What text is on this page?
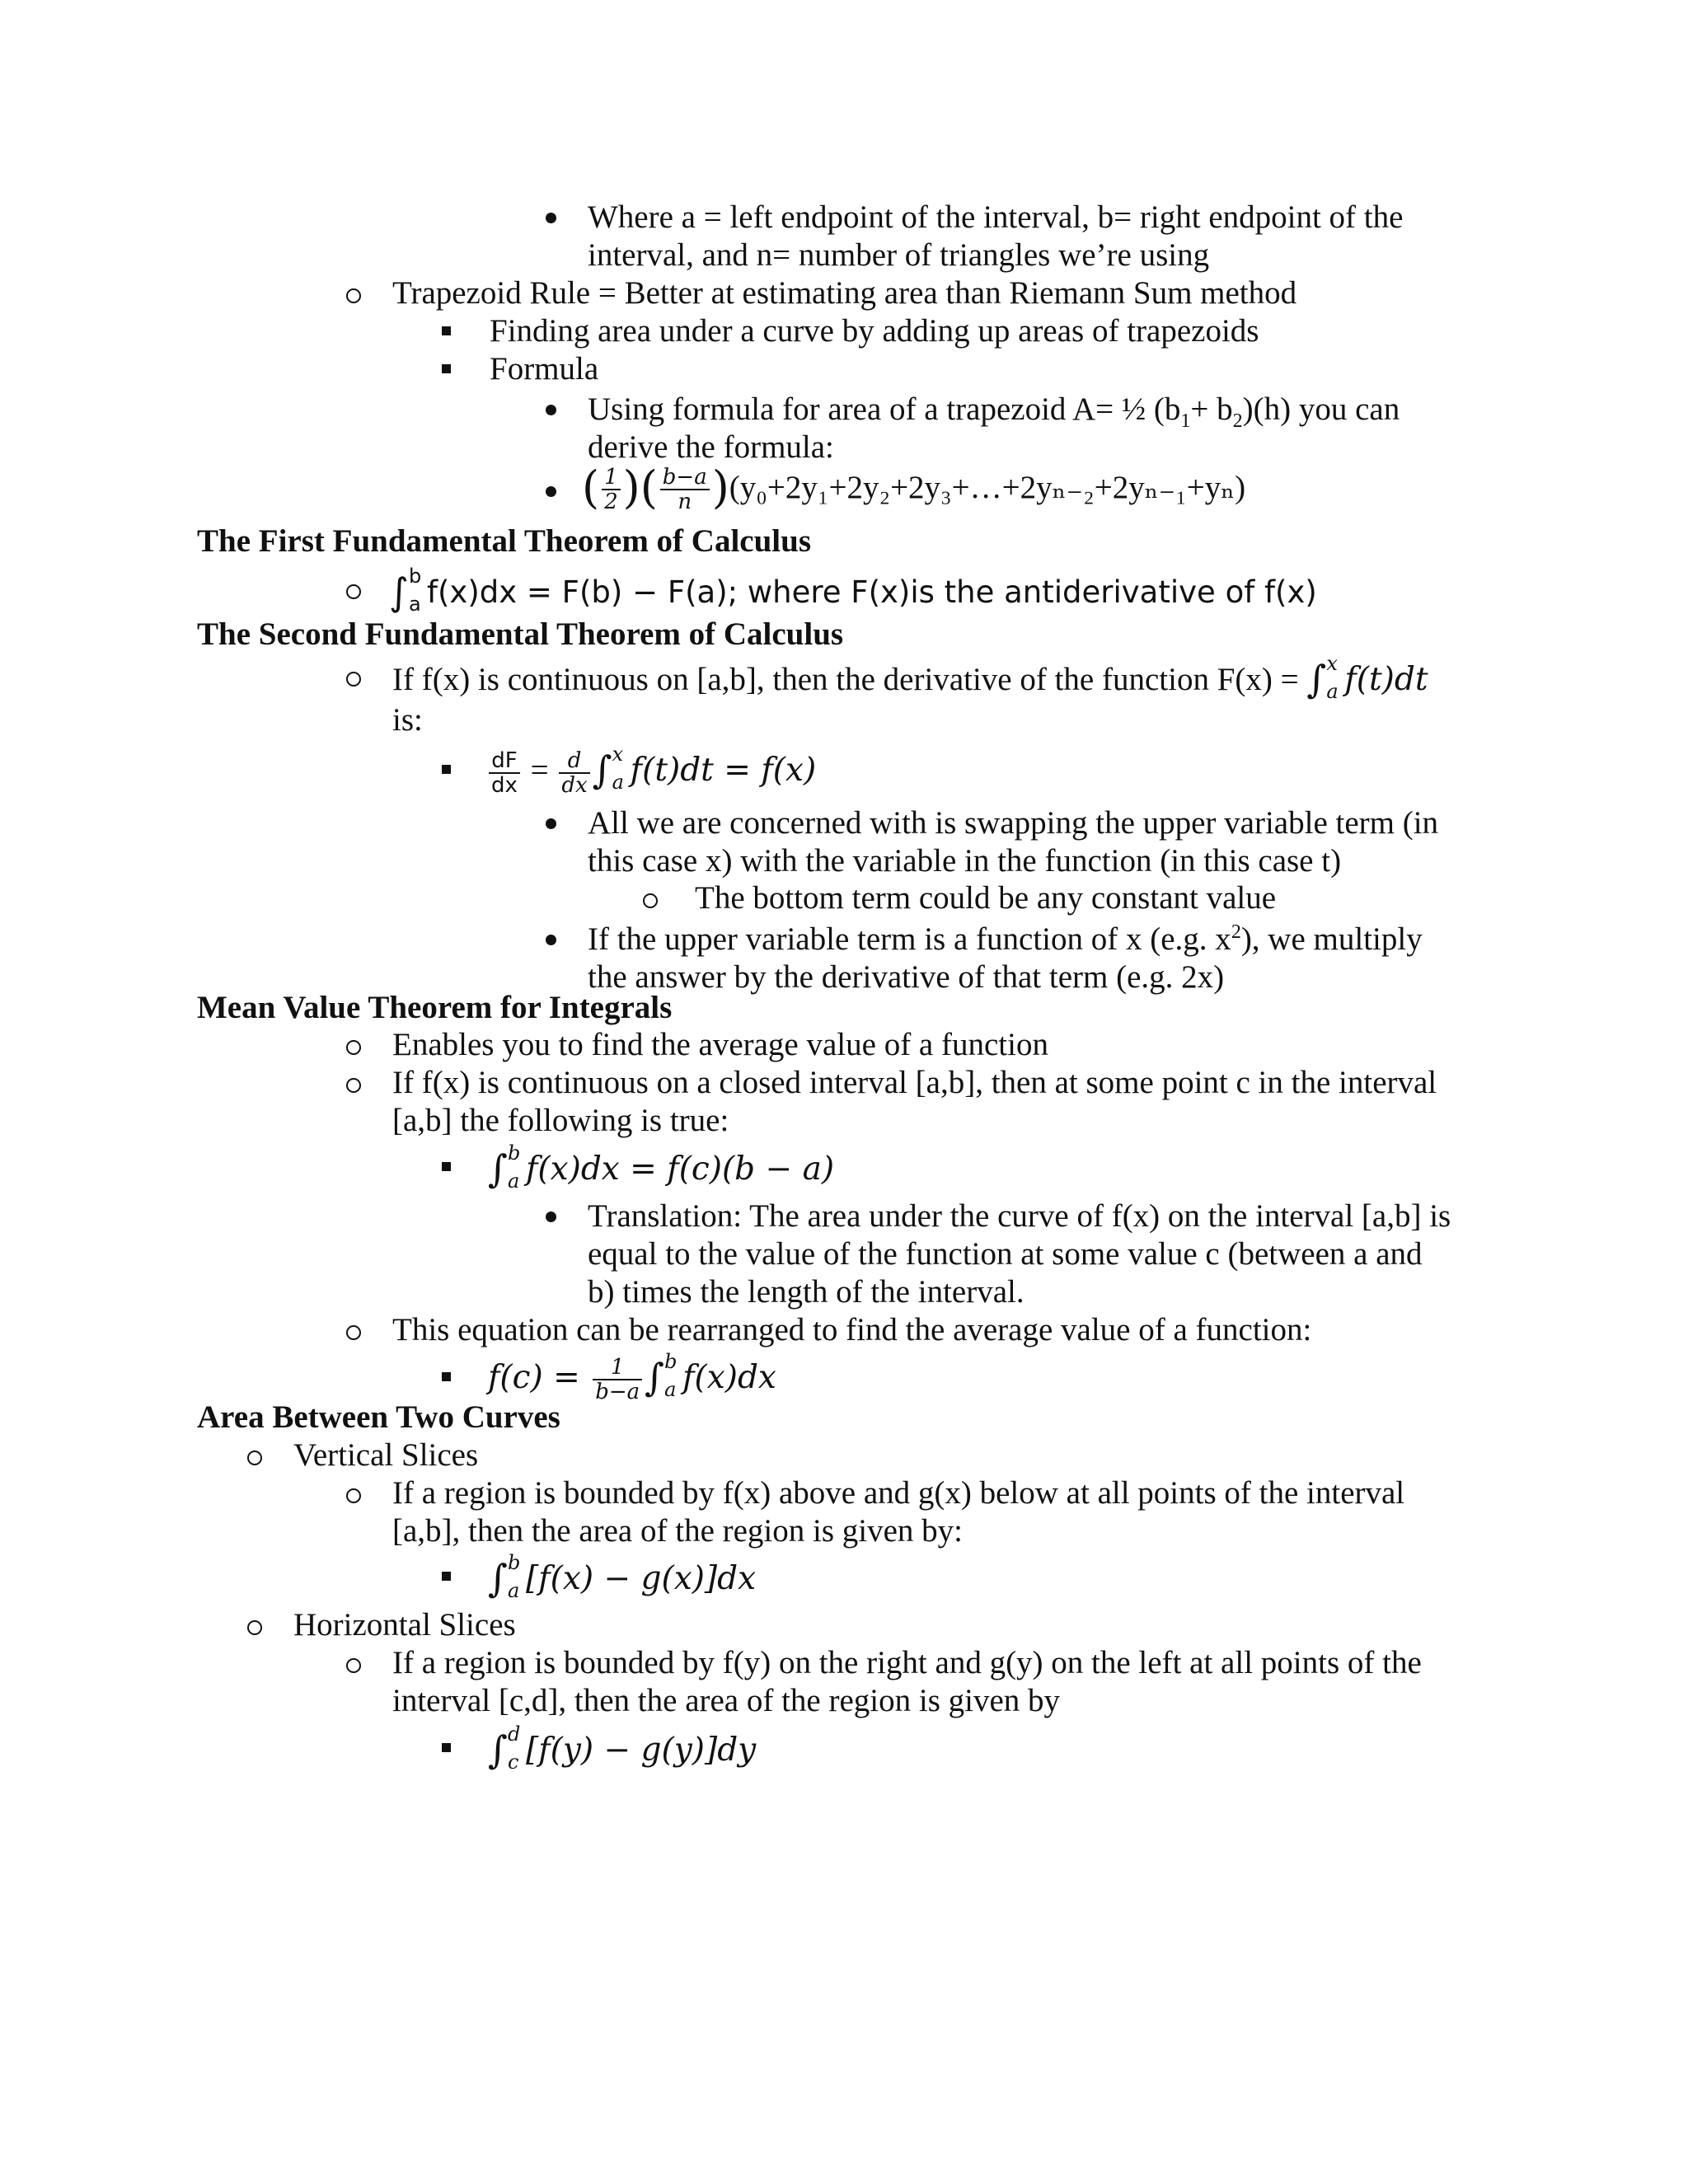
Where a = left endpoint of the interval, b= right endpoint of the
interval, and n= number of triangles we’re using
Trapezoid Rule = Better at estimating area than Riemann Sum method
Finding area under a curve by adding up areas of trapezoids
Formula
Using formula for area of a trapezoid A= ½ $(b_1+ b_2)(h)$ you can
derive the formula:
( $\frac{1}{2}$ )( $\frac{b-a}{n}$ )(y₀+2y₁+2y₂+2y₃+…+2yₙ₋₂+2yₙ₋₁+yₙ)
The First Fundamental Theorem of Calculus
∫ b
a f(x)dx = F(b) − F(a); where F(x)is the antiderivative of f(x)
The Second Fundamental Theorem of Calculus
If f(x) is continuous on [a,b], then the derivative of the function F(x) = ∫ x
a f(t)dt
is:
$\frac{dF}{dx} = \frac{d}{dx}$ ∫ x
a f(t)dt = f(x)
All we are concerned with is swapping the upper variable term (in
this case x) with the variable in the function (in this case t)
The bottom term could be any constant value
If the upper variable term is a function of x (e.g. $x^2$), we multiply
the answer by the derivative of that term (e.g. 2x)
Mean Value Theorem for Integrals
Enables you to find the average value of a function
If f(x) is continuous on a closed interval [a,b], then at some point c in the interval
[a,b] the following is true:
∫ b
a f(x)dx = f(c)(b − a)
Translation: The area under the curve of f(x) on the interval [a,b] is
equal to the value of the function at some value c (between a and
b) times the length of the interval.
This equation can be rearranged to find the average value of a function:
$f(c) = \frac{1}{b-a}$ ∫ b
a f(x)dx
Area Between Two Curves
Vertical Slices
If a region is bounded by f(x) above and g(x) below at all points of the interval
[a,b], then the area of the region is given by:
∫ b
a [f(x) − g(x)]dx
Horizontal Slices
If a region is bounded by f(y) on the right and g(y) on the left at all points of the
interval [c,d], then the area of the region is given by
∫ d
c [f(y) − g(y)]dy
